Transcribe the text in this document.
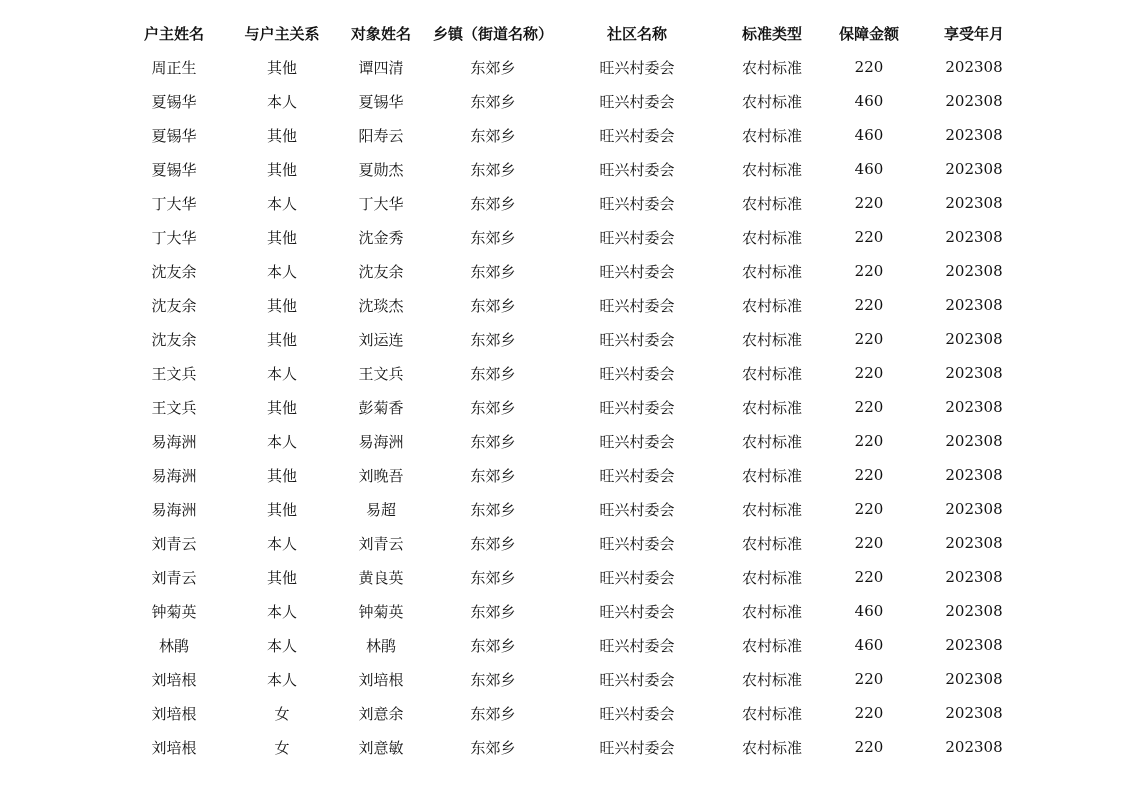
户主姓名	与户主关系	对象姓名	乡镇（街道名称）	社区名称	标准类型	保障金额	享受年月
周正生	其他	谭四清	东郊乡	旺兴村委会	农村标准	220	202308
夏锡华	本人	夏锡华	东郊乡	旺兴村委会	农村标准	460	202308
夏锡华	其他	阳寿云	东郊乡	旺兴村委会	农村标准	460	202308
夏锡华	其他	夏勋杰	东郊乡	旺兴村委会	农村标准	460	202308
丁大华	本人	丁大华	东郊乡	旺兴村委会	农村标准	220	202308
丁大华	其他	沈金秀	东郊乡	旺兴村委会	农村标准	220	202308
沈友余	本人	沈友余	东郊乡	旺兴村委会	农村标准	220	202308
沈友余	其他	沈琰杰	东郊乡	旺兴村委会	农村标准	220	202308
沈友余	其他	刘运连	东郊乡	旺兴村委会	农村标准	220	202308
王文兵	本人	王文兵	东郊乡	旺兴村委会	农村标准	220	202308
王文兵	其他	彭菊香	东郊乡	旺兴村委会	农村标准	220	202308
易海洲	本人	易海洲	东郊乡	旺兴村委会	农村标准	220	202308
易海洲	其他	刘晚吾	东郊乡	旺兴村委会	农村标准	220	202308
易海洲	其他	易超	东郊乡	旺兴村委会	农村标准	220	202308
刘青云	本人	刘青云	东郊乡	旺兴村委会	农村标准	220	202308
刘青云	其他	黄良英	东郊乡	旺兴村委会	农村标准	220	202308
钟菊英	本人	钟菊英	东郊乡	旺兴村委会	农村标准	460	202308
林鹃	本人	林鹃	东郊乡	旺兴村委会	农村标准	460	202308
刘培根	本人	刘培根	东郊乡	旺兴村委会	农村标准	220	202308
刘培根	女	刘意余	东郊乡	旺兴村委会	农村标准	220	202308
刘培根	女	刘意敏	东郊乡	旺兴村委会	农村标准	220	202308
